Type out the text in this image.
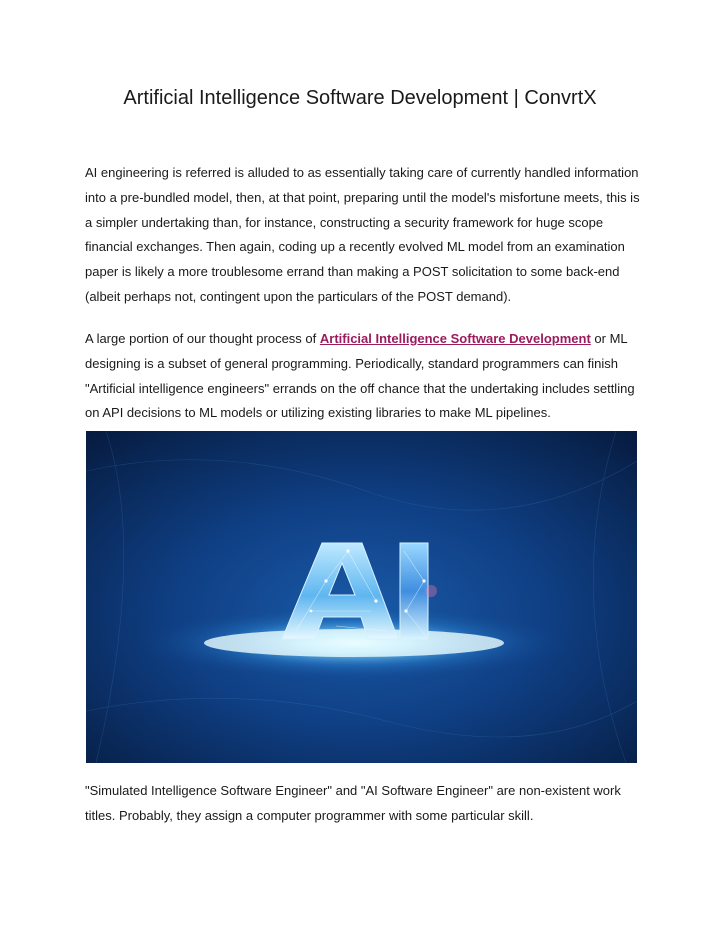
Artificial Intelligence Software Development | ConvrtX

AI engineering is referred is alluded to as essentially taking care of currently handled information into a pre-bundled model, then, at that point, preparing until the model's misfortune meets, this is a simpler undertaking than, for instance, constructing a security framework for huge scope financial exchanges. Then again, coding up a recently evolved ML model from an examination paper is likely a more troublesome errand than making a POST solicitation to some back-end (albeit perhaps not, contingent upon the particulars of the POST demand).

A large portion of our thought process of Artificial Intelligence Software Development or ML designing is a subset of general programming. Periodically, standard programmers can finish "Artificial intelligence engineers" errands on the off chance that the undertaking includes settling on API decisions to ML models or utilizing existing libraries to make ML pipelines.

AI

"Simulated Intelligence Software Engineer" and "AI Software Engineer" are non-existent work titles. Probably, they assign a computer programmer with some particular skill.
